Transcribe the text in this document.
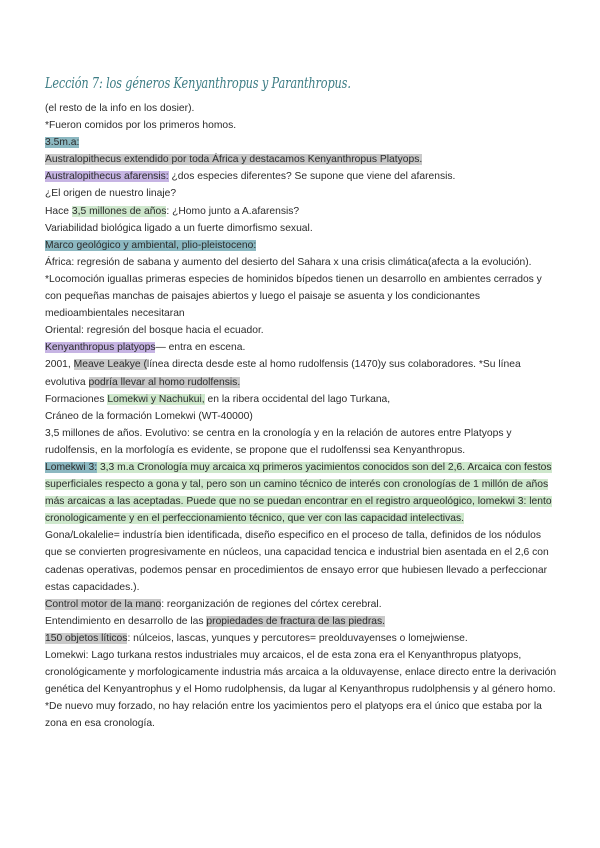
Lección 7: los géneros Kenyanthropus y Paranthropus.
(el resto de la info en los dosier).
*Fueron comidos por los primeros homos.
3.5m.a:
Australopithecus extendido por toda África y destacamos Kenyanthropus Platyops.
Australopithecus afarensis: ¿dos especies diferentes? Se supone que viene del afarensis.
¿El origen de nuestro linaje?
Hace 3,5 millones de años: ¿Homo junto a A.afarensis?
Variabilidad biológica ligado a un fuerte dimorfismo sexual.
Marco geológico y ambiental, plio-pleistoceno:
África: regresión de sabana y aumento del desierto del Sahara x una crisis climática(afecta a la evolución).
*Locomoción igualIas primeras especies de hominidos bípedos tienen un desarrollo en ambientes cerrados y con pequeñas manchas de paisajes abiertos y luego el paisaje se asuenta y los condicionantes medioambientales necesitaran
Oriental: regresión del bosque hacia el ecuador.
Kenyanthropus platyops— entra en escena.
2001, Meave Leakye (línea directa desde este al homo rudolfensis (1470)y sus colaboradores. *Su línea evolutiva podría llevar al homo rudolfensis.
Formaciones Lomekwi y Nachukui, en la ribera occidental del lago Turkana,
Cráneo de la formación Lomekwi (WT-40000)
3,5 millones de años. Evolutivo: se centra en la cronología y en la relación de autores entre Platyops y rudolfensis, en la morfología es evidente, se propone que el rudolfenssi sea Kenyanthropus.
Lomekwi 3: 3,3 m.a Cronología muy arcaica xq primeros yacimientos conocidos son del 2,6. Arcaica con festos superficiales respecto a gona y tal, pero son un camino técnico de interés con cronologías de 1 millón de años más arcaicas a las aceptadas. Puede que no se puedan encontrar en el registro arqueológico, lomekwi 3: lento cronologicamente y en el perfeccionamiento técnico, que ver con las capacidad intelectivas.
Gona/Lokalelie= industría bien identificada, diseño especifico en el proceso de talla, definidos de los nódulos que se convierten progresivamente en núcleos, una capacidad tencica e industrial bien asentada en el 2,6 con cadenas operativas, podemos pensar en procedimientos de ensayo error que hubiesen llevado a perfeccionar estas capacidades.).
Control motor de la mano: reorganización de regiones del córtex cerebral.
Entendimiento en desarrollo de las propiedades de fractura de las piedras.
150 objetos líticos: núlceios, lascas, yunques y percutores= preolduvayenses o lomejwiense.
Lomekwi: Lago turkana restos industriales muy arcaicos, el de esta zona era el Kenyanthropus platyops, cronológicamente y morfologicamente industria más arcaica a la olduvayense, enlace directo entre la derivación genética del Kenyantrophus y el Homo rudolphensis, da lugar al Kenyanthropus rudolphensis y al género homo.
*De nuevo muy forzado, no hay relación entre los yacimientos pero el platyops era el único que estaba por la zona en esa cronología.
